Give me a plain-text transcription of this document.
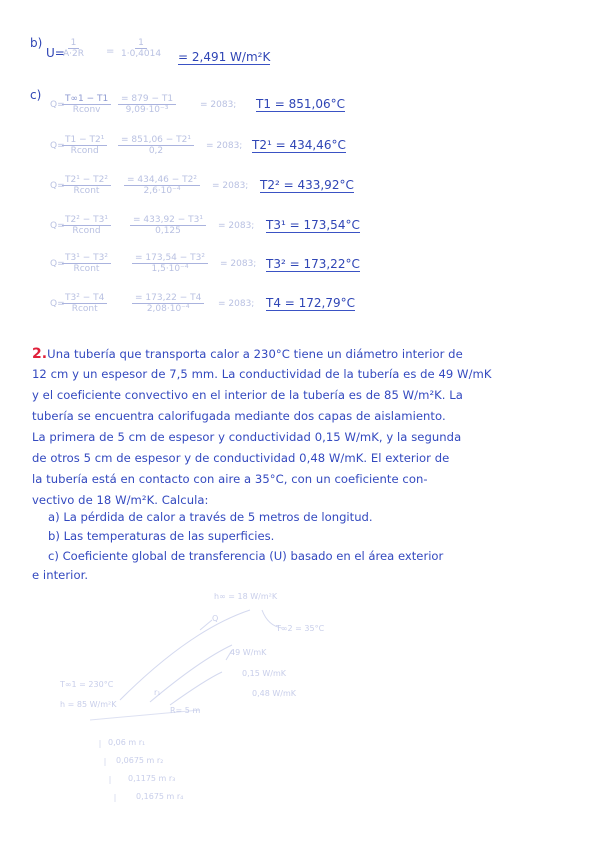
b)
U=
$\frac{1}{A\cdot 2R} = \frac{1}{1\cdot 0,4014} = 2,491$ W/m²K
c)
Q=
T∞1 − T1
Rconv	$\frac{= 879 - T1}{\text{9,09·10⁻³}}$	= 2083; T1 = 851,06°C
Q=
T1 − T2¹
Rcond	$\frac{\text{= 851,06 − T2¹}}{0,2} = 2083$; T2¹ = 434,46°C
Q=
T2¹ − T2²
Rcont	$\frac{\text{= 434,46 − T2²}}{\text{2,6·10⁻⁴}} = 2083$; T2² = 433,92°C
Q=
T2² − T3¹
Rcond	$\frac{\text{= 433,92 − T3¹}}{0,125} = 2083$; T3¹ = 173,54°C
Q=
T3¹ − T3²
Rcont	$\frac{\text{= 173,54 − T3²}}{\text{1,5·10⁻⁴}} = 2083$; T3² = 173,22°C
Q=
T3² − T4
Rcont	$\frac{= 173,22 - T4}{\text{2,08·10⁻⁴}} = 2083$; T4 = 172,79°C
2.Una tubería que transporta calor a 230°C tiene un diámetro interior de
12 cm y un espesor de 7,5 mm. La conductividad de la tubería es de 49 W/mK
y el coeficiente convectivo en el interior de la tubería es de 85 W/m²K. La
tubería se encuentra calorifugada mediante dos capas de aislamiento.
La primera de 5 cm de espesor y conductividad 0,15 W/mK, y la segunda
de otros 5 cm de espesor y de conductividad 0,48 W/mK. El exterior de
la tubería está en contacto con aire a 35°C, con un coeficiente con-
vectivo de 18 W/m²K. Calcula:
a) La pérdida de calor a través de 5 metros de longitud.
b) Las temperaturas de las superficies.
c) Coeficiente global de transferencia (U) basado en el área exterior
e interior.
h∞ = 18 W/m²K
Q
T∞2 = 35°C
49 W/mK
0,15 W/mK
0,48 W/mK
T∞1 = 230°C
h = 85 W/m²K
r₁
R= 5 m
0,06 m r₁
0,0675 m r₂
0,1175 m r₃
0,1675 m r₄
